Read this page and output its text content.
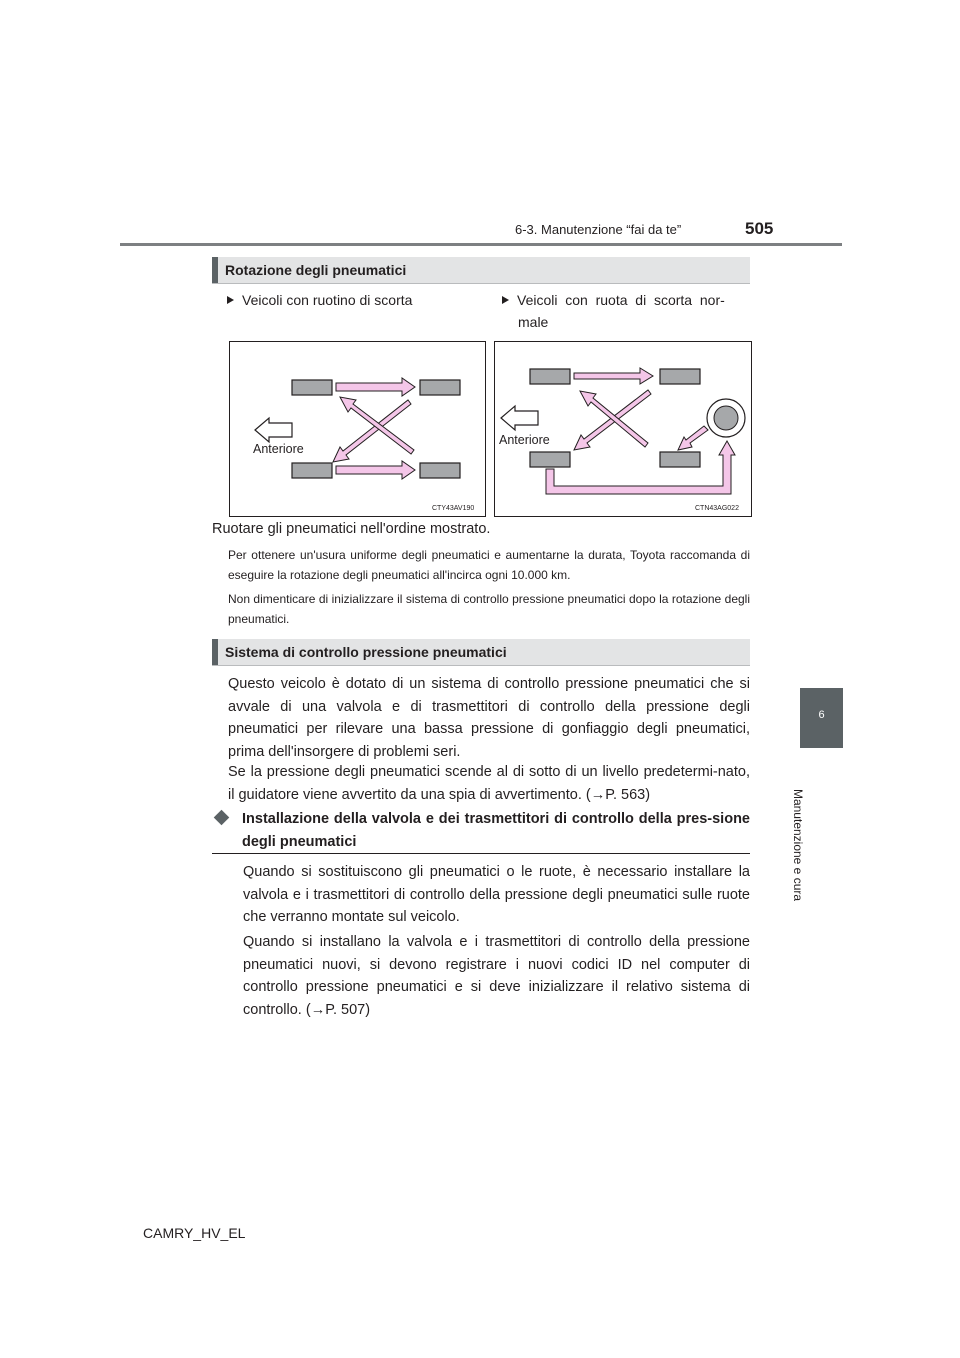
6-3. Manutenzione “fai da te”	505
6
Manutenzione e cura
Rotazione degli pneumatici
Veicoli con ruotino di scorta	Veicoli  con  ruota  di  scorta  nor-
male
Anteriore
CTY43AV190
Anteriore
CTN43AG022
Ruotare gli pneumatici nell'ordine mostrato.
Per ottenere un'usura uniforme degli pneumatici e aumentarne la durata, Toyota raccomanda di eseguire la rotazione degli pneumatici all'incirca ogni 10.000 km.
Non dimenticare di inizializzare il sistema di controllo pressione pneumatici dopo la rotazione degli pneumatici.
Sistema di controllo pressione pneumatici
Questo veicolo è dotato di un sistema di controllo pressione pneumatici che si avvale di una valvola e di trasmettitori di controllo della pressione degli pneumatici per rilevare una bassa pressione di gonfiaggio degli pneumatici, prima dell'insorgere di problemi seri.
Se la pressione degli pneumatici scende al di sotto di un livello predetermi-nato, il guidatore viene avvertito da una spia di avvertimento. (→P. 563)
Installazione della valvola e dei trasmettitori di controllo della pres-sione degli pneumatici
Quando si sostituiscono gli pneumatici o le ruote, è necessario installare la valvola e i trasmettitori di controllo della pressione degli pneumatici sulle ruote che verranno montate sul veicolo.
Quando si installano la valvola e i trasmettitori di controllo della pressione pneumatici nuovi, si devono registrare i nuovi codici ID nel computer di controllo pressione pneumatici e si deve inizializzare il relativo sistema di controllo. (→P. 507)
CAMRY_HV_EL
